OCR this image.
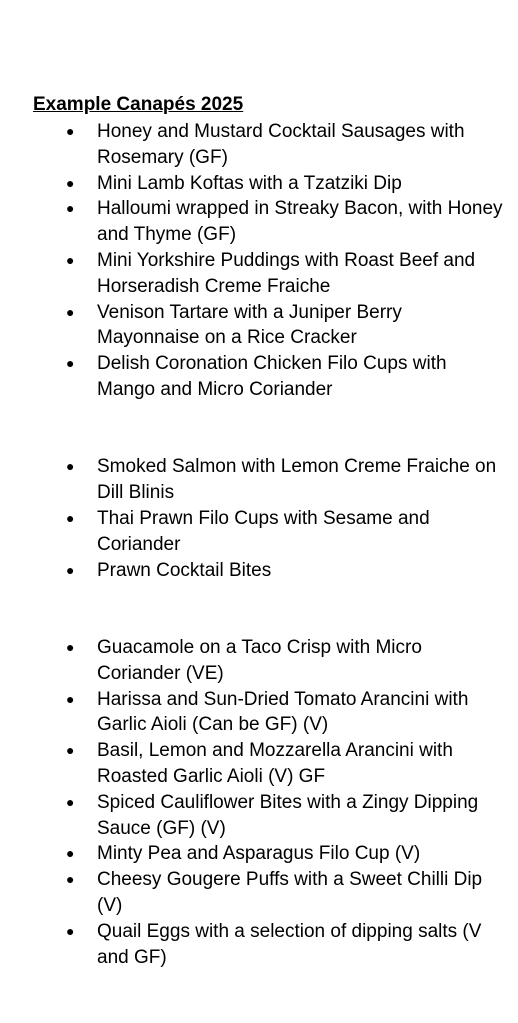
Example Canapés 2025
● Honey and Mustard Cocktail Sausages with Rosemary (GF)
● Mini Lamb Koftas with a Tzatziki Dip
● Halloumi wrapped in Streaky Bacon, with Honey and Thyme (GF)
● Mini Yorkshire Puddings with Roast Beef and Horseradish Creme Fraiche
● Venison Tartare with a Juniper Berry Mayonnaise on a Rice Cracker
● Delish Coronation Chicken Filo Cups with Mango and Micro Coriander
● Smoked Salmon with Lemon Creme Fraiche on Dill Blinis
● Thai Prawn Filo Cups with Sesame and Coriander
● Prawn Cocktail Bites
● Guacamole on a Taco Crisp with Micro Coriander (VE)
● Harissa and Sun-Dried Tomato Arancini with Garlic Aioli (Can be GF) (V)
● Basil, Lemon and Mozzarella Arancini with Roasted Garlic Aioli (V) GF
● Spiced Cauliflower Bites with a Zingy Dipping Sauce (GF) (V)
● Minty Pea and Asparagus Filo Cup (V)
● Cheesy Gougere Puffs with a Sweet Chilli Dip (V)
● Quail Eggs with a selection of dipping salts (V and GF)
